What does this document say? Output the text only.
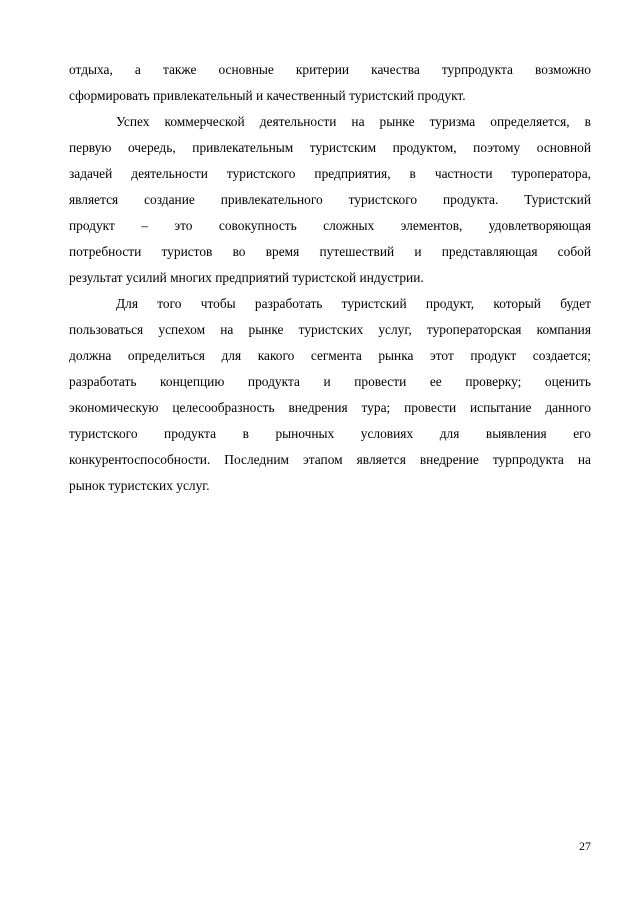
отдыха, а также основные критерии качества турпродукта возможно
сформировать привлекательный и качественный туристский продукт.
Успех коммерческой деятельности на рынке туризма определяется, в
первую очередь, привлекательным туристским продуктом, поэтому основной
задачей деятельности туристского предприятия, в частности туроператора,
является создание привлекательного туристского продукта. Туристский
продукт – это совокупность сложных элементов, удовлетворяющая
потребности туристов во время путешествий и представляющая собой
результат усилий многих предприятий туристской индустрии.
Для того чтобы разработать туристский продукт, который будет
пользоваться успехом на рынке туристских услуг, туроператорская компания
должна определиться для какого сегмента рынка этот продукт создается;
разработать концепцию продукта и провести ее проверку; оценить
экономическую целесообразность внедрения тура; провести испытание данного
туристского продукта в рыночных условиях для выявления его
конкурентоспособности. Последним этапом является внедрение турпродукта на
рынок туристских услуг.
27
